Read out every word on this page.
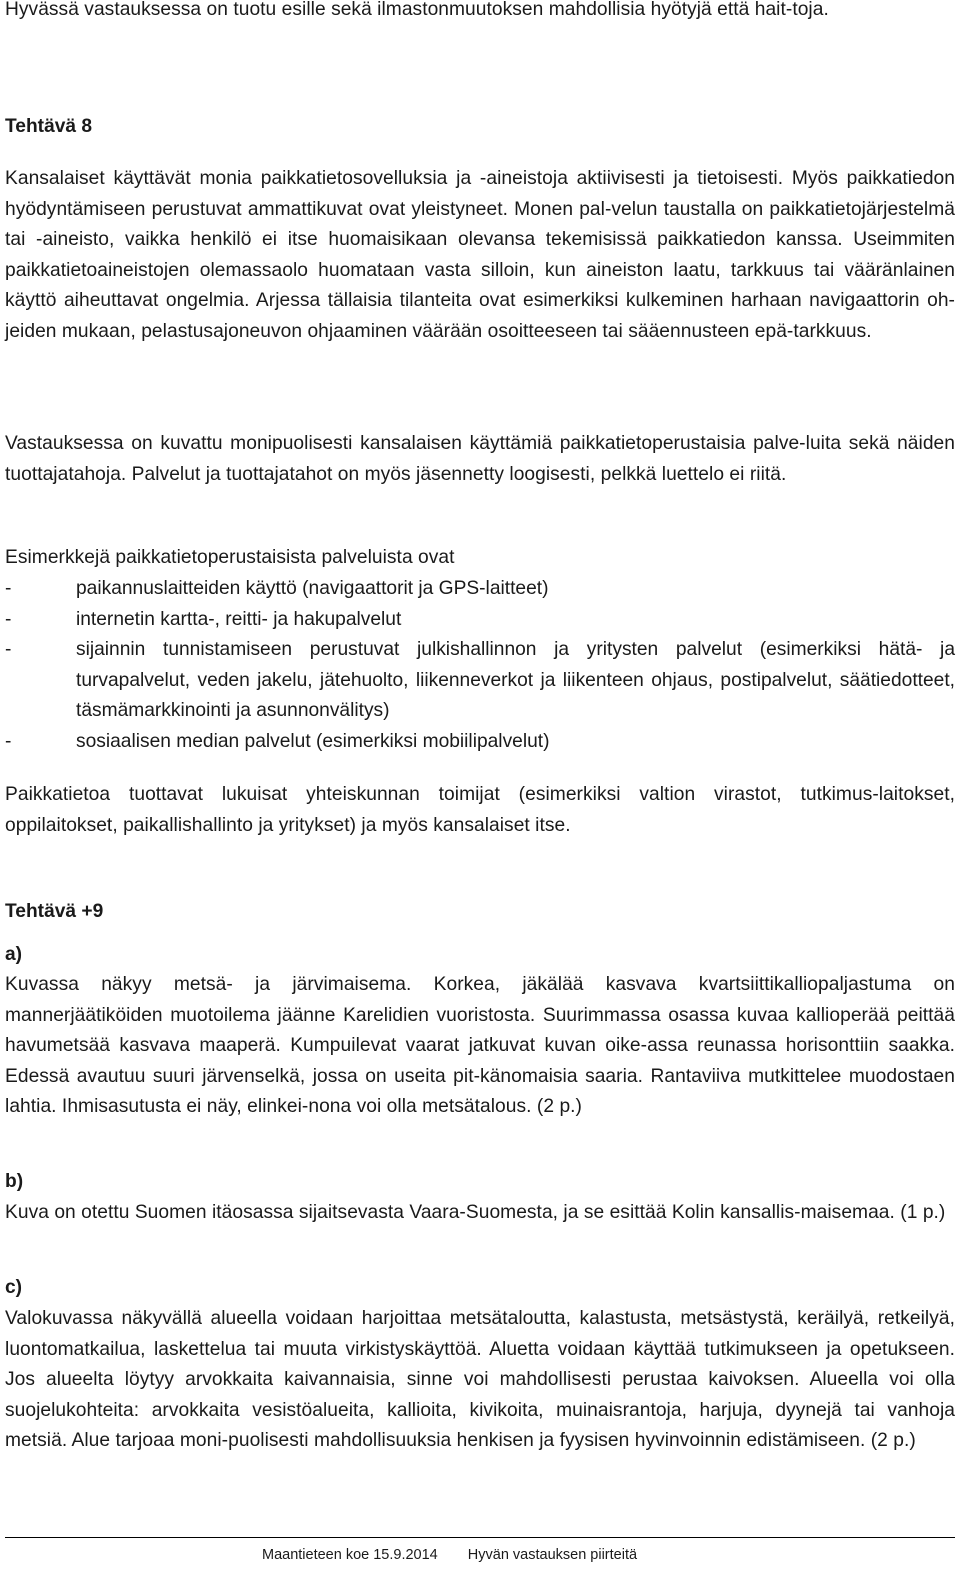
Hyvässä vastauksessa on tuotu esille sekä ilmastonmuutoksen mahdollisia hyötyjä että hait-toja.

Tehtävä 8

Kansalaiset käyttävät monia paikkatietosovelluksia ja -aineistoja aktiivisesti ja tietoisesti. Myös paikkatiedon hyödyntämiseen perustuvat ammattikuvat ovat yleistyneet. Monen pal-velun taustalla on paikkatietojärjestelmä tai -aineisto, vaikka henkilö ei itse huomaisikaan olevansa tekemisissä paikkatiedon kanssa. Useimmiten paikkatietoaineistojen olemassaolo huomataan vasta silloin, kun aineiston laatu, tarkkuus tai vääränlainen käyttö aiheuttavat ongelmia. Arjessa tällaisia tilanteita ovat esimerkiksi kulkeminen harhaan navigaattorin oh-jeiden mukaan, pelastusajoneuvon ohjaaminen väärään osoitteeseen tai sääennusteen epä-tarkkuus.

Vastauksessa on kuvattu monipuolisesti kansalaisen käyttämiä paikkatietoperustaisia palve-luita sekä näiden tuottajatahoja. Palvelut ja tuottajatahot on myös jäsennetty loogisesti, pelkkä luettelo ei riitä.

Esimerkkejä paikkatietoperustaisista palveluista ovat

-	paikannuslaitteiden käyttö (navigaattorit ja GPS-laitteet)
-	internetin kartta-, reitti- ja hakupalvelut
-	sijainnin tunnistamiseen perustuvat julkishallinnon ja yritysten palvelut (esimerkiksi hätä- ja turvapalvelut, veden jakelu, jätehuolto, liikenneverkot ja liikenteen ohjaus, postipalvelut, säätiedotteet, täsmämarkkinointi ja asunnonvälitys)
-	sosiaalisen median palvelut (esimerkiksi mobiilipalvelut)

Paikkatietoa tuottavat lukuisat yhteiskunnan toimijat (esimerkiksi valtion virastot, tutkimus-laitokset, oppilaitokset, paikallishallinto ja yritykset) ja myös kansalaiset itse.

Tehtävä +9

a)

Kuvassa näkyy metsä- ja järvimaisema. Korkea, jäkälää kasvava kvartsiittikalliopaljastuma on mannerjäätiköiden muotoilema jäänne Karelidien vuoristosta. Suurimmassa osassa kuvaa kallioperää peittää havumetsää kasvava maaperä. Kumpuilevat vaarat jatkuvat kuvan oike-assa reunassa horisonttiin saakka. Edessä avautuu suuri järvenselkä, jossa on useita pit-känomaisia saaria. Rantaviiva mutkittelee muodostaen lahtia. Ihmisasutusta ei näy, elinkei-nona voi olla metsätalous. (2 p.)

b)

Kuva on otettu Suomen itäosassa sijaitsevasta Vaara-Suomesta, ja se esittää Kolin kansallis-maisemaa. (1 p.)

c)

Valokuvassa näkyvällä alueella voidaan harjoittaa metsätaloutta, kalastusta, metsästystä, keräilyä, retkeilyä, luontomatkailua, laskettelua tai muuta virkistyskäyttöä. Aluetta voidaan käyttää tutkimukseen ja opetukseen. Jos alueelta löytyy arvokkaita kaivannaisia, sinne voi mahdollisesti perustaa kaivoksen. Alueella voi olla suojelukohteita: arvokkaita vesistöalueita, kallioita, kivikoita, muinaisrantoja, harjuja, dyynejä tai vanhoja metsiä. Alue tarjoaa moni-puolisesti mahdollisuuksia henkisen ja fyysisen hyvinvoinnin edistämiseen. (2 p.)

Maantieteen koe 15.9.2014 Hyvän vastauksen piirteitä
